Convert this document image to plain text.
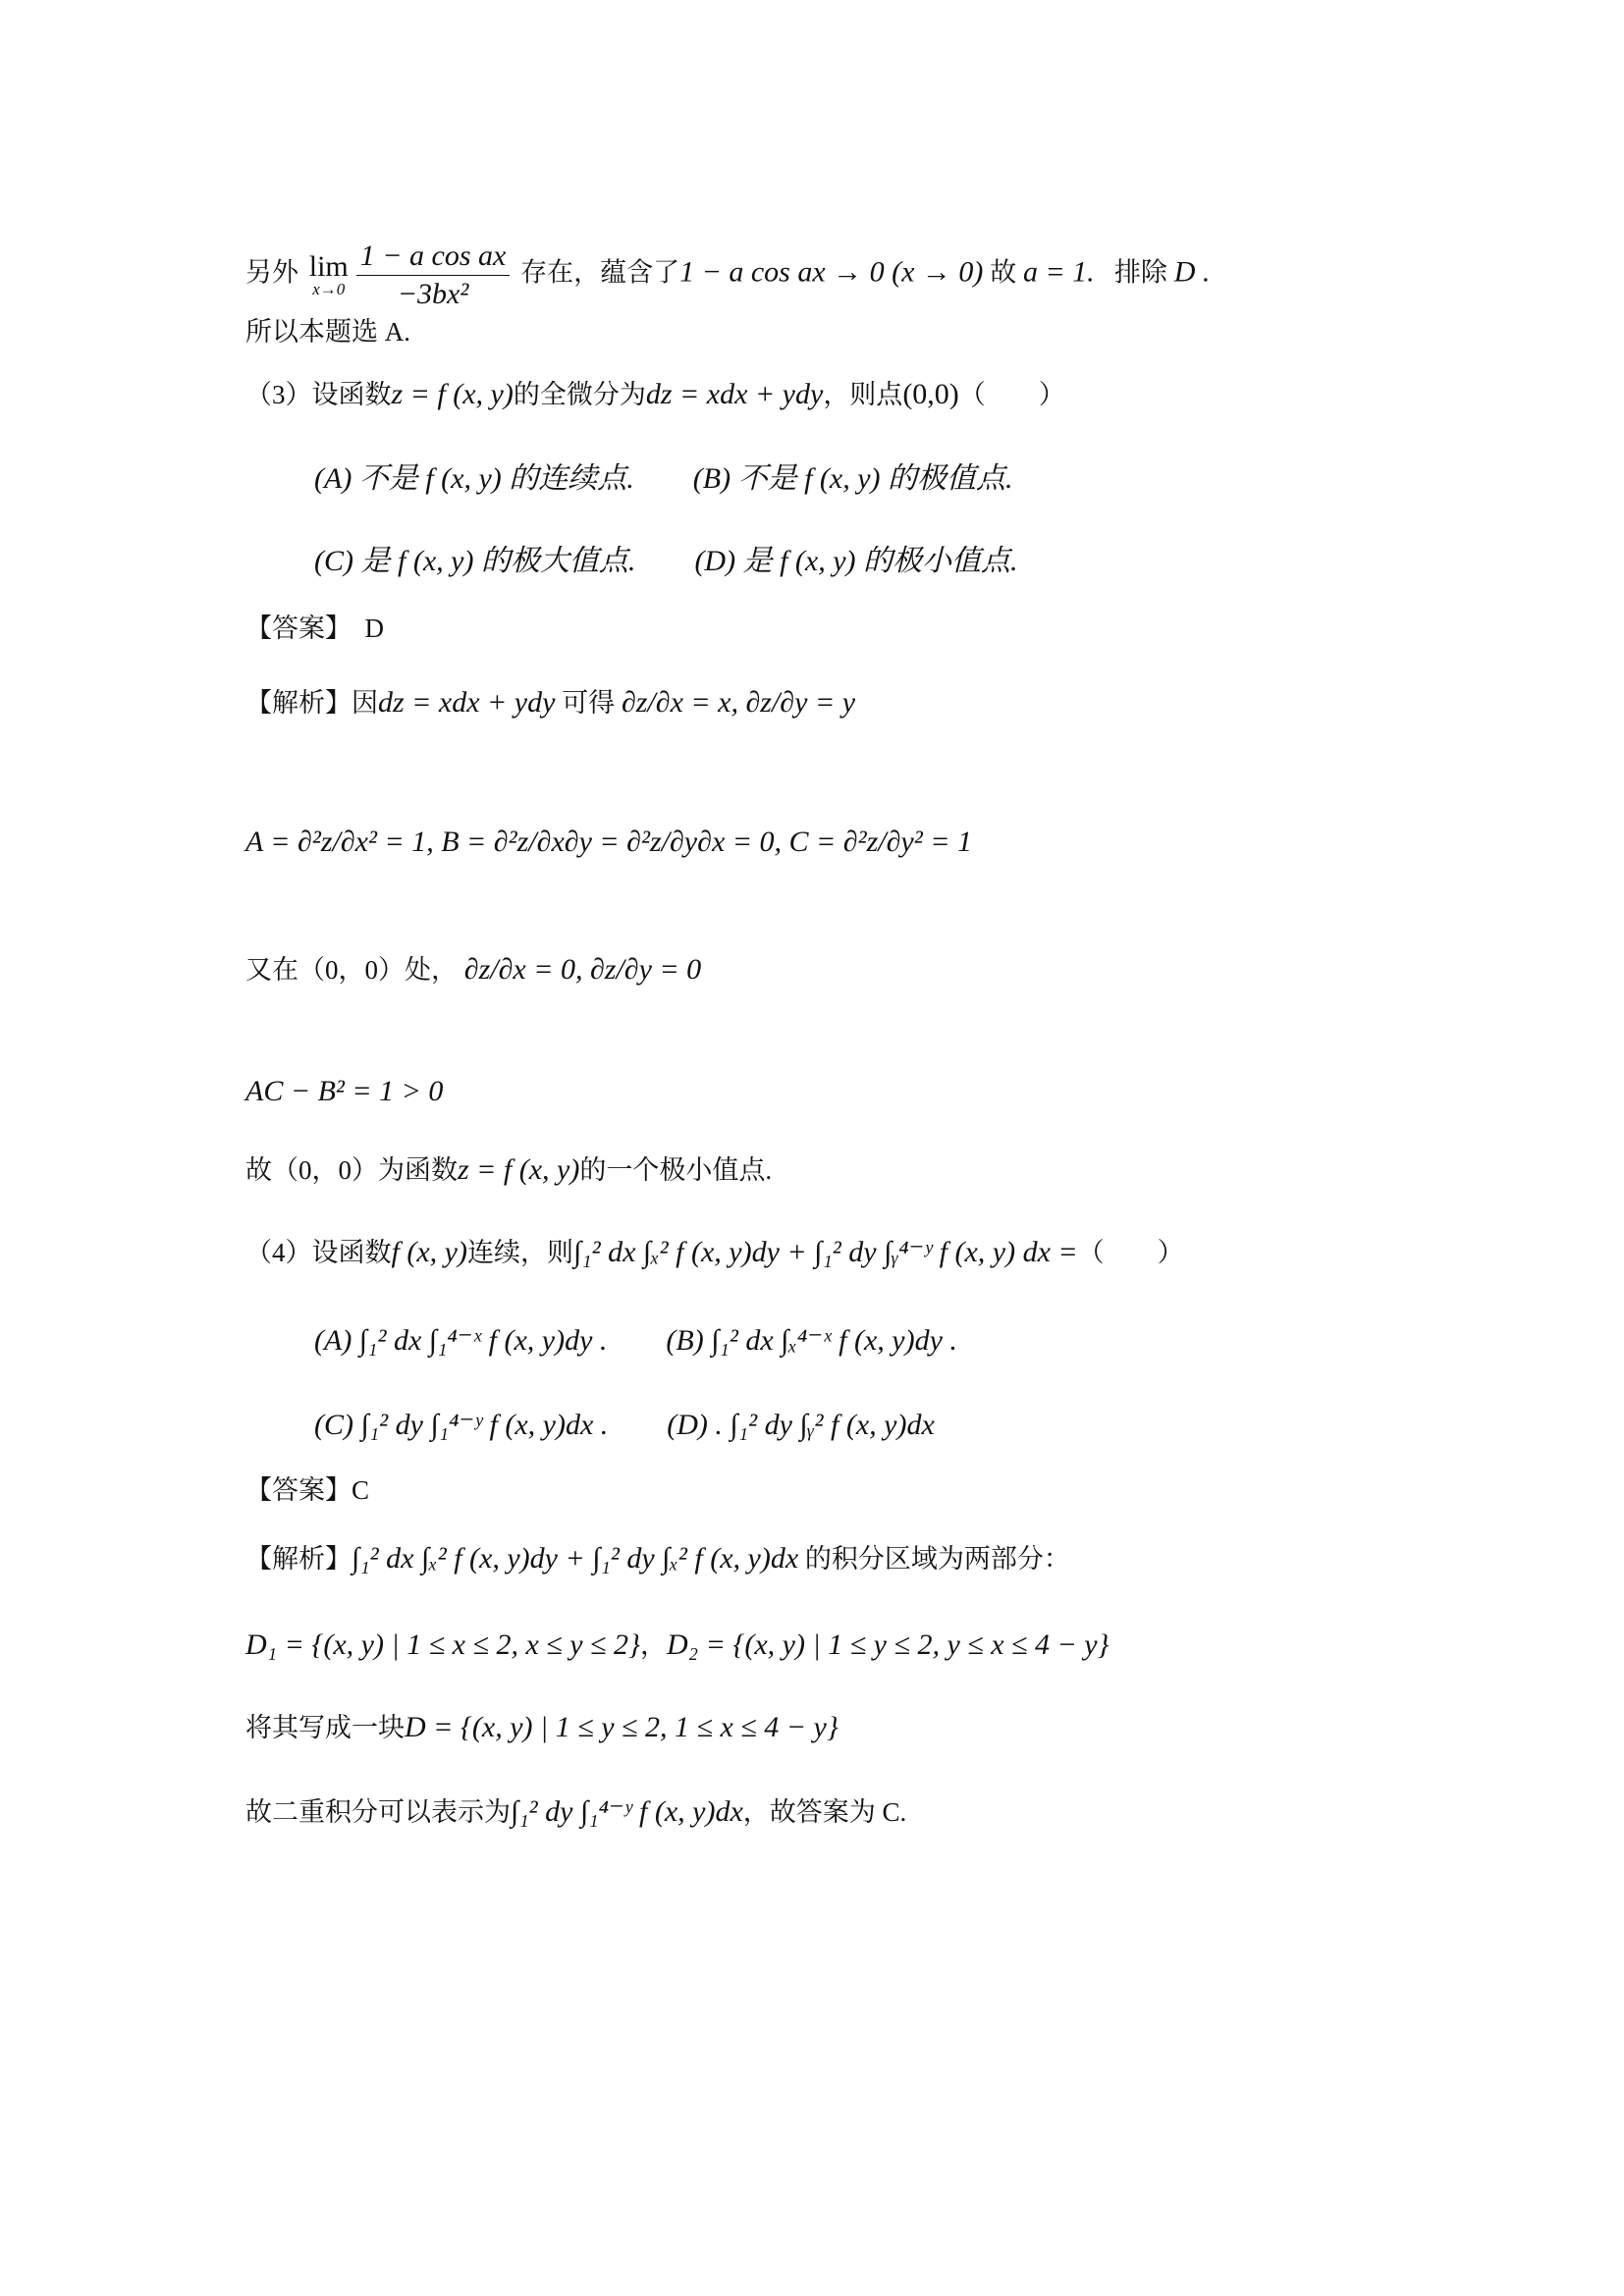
另外 lim
$x\to 0 \frac{\text{1 − a cos ax}}{\text{−3bx²}}$ 存在，蕴含了1 − a cos ax → 0 (x → 0) 故 a = 1. 排除 D .
所以本题选 A.
（3）设函数z = f (x, y)的全微分为dz = xdx + ydy，则点(0,0)（　　）
(A) 不是 f (x, y) 的连续点. (B) 不是 f (x, y) 的极值点.
(C) 是 f (x, y) 的极大值点. (D) 是 f (x, y) 的极小值点.
【答案】 D
【解析】因dz = xdx + ydy 可得 ∂z/∂x = x, ∂z/∂y = y
A = ∂²z/∂x² = 1, B = ∂²z/∂x∂y = ∂²z/∂y∂x = 0, C = ∂²z/∂y² = 1
又在（0，0）处， ∂z/∂x = 0, ∂z/∂y = 0
AC − B² = 1 > 0
故（0，0）为函数z = f (x, y)的一个极小值点.
（4）设函数f (x, y)连续，则∫₁² dx ∫ₓ² f (x, y)dy + ∫₁² dy ∫ᵧ⁴⁻ʸ f (x, y) dx =（　　）
(A) ∫₁² dx ∫₁⁴⁻ˣ f (x, y)dy . (B) ∫₁² dx ∫ₓ⁴⁻ˣ f (x, y)dy .
(C) ∫₁² dy ∫₁⁴⁻ʸ f (x, y)dx . (D) . ∫₁² dy ∫ᵧ² f (x, y)dx
【答案】C
【解析】∫₁² dx ∫ₓ² f (x, y)dy + ∫₁² dy ∫ₓ² f (x, y)dx 的积分区域为两部分：
D₁ = {(x, y) | 1 ≤ x ≤ 2, x ≤ y ≤ 2}，D₂ = {(x, y) | 1 ≤ y ≤ 2, y ≤ x ≤ 4 − y}
将其写成一块D = {(x, y) | 1 ≤ y ≤ 2, 1 ≤ x ≤ 4 − y}
故二重积分可以表示为∫₁² dy ∫₁⁴⁻ʸ f (x, y)dx，故答案为 C.
